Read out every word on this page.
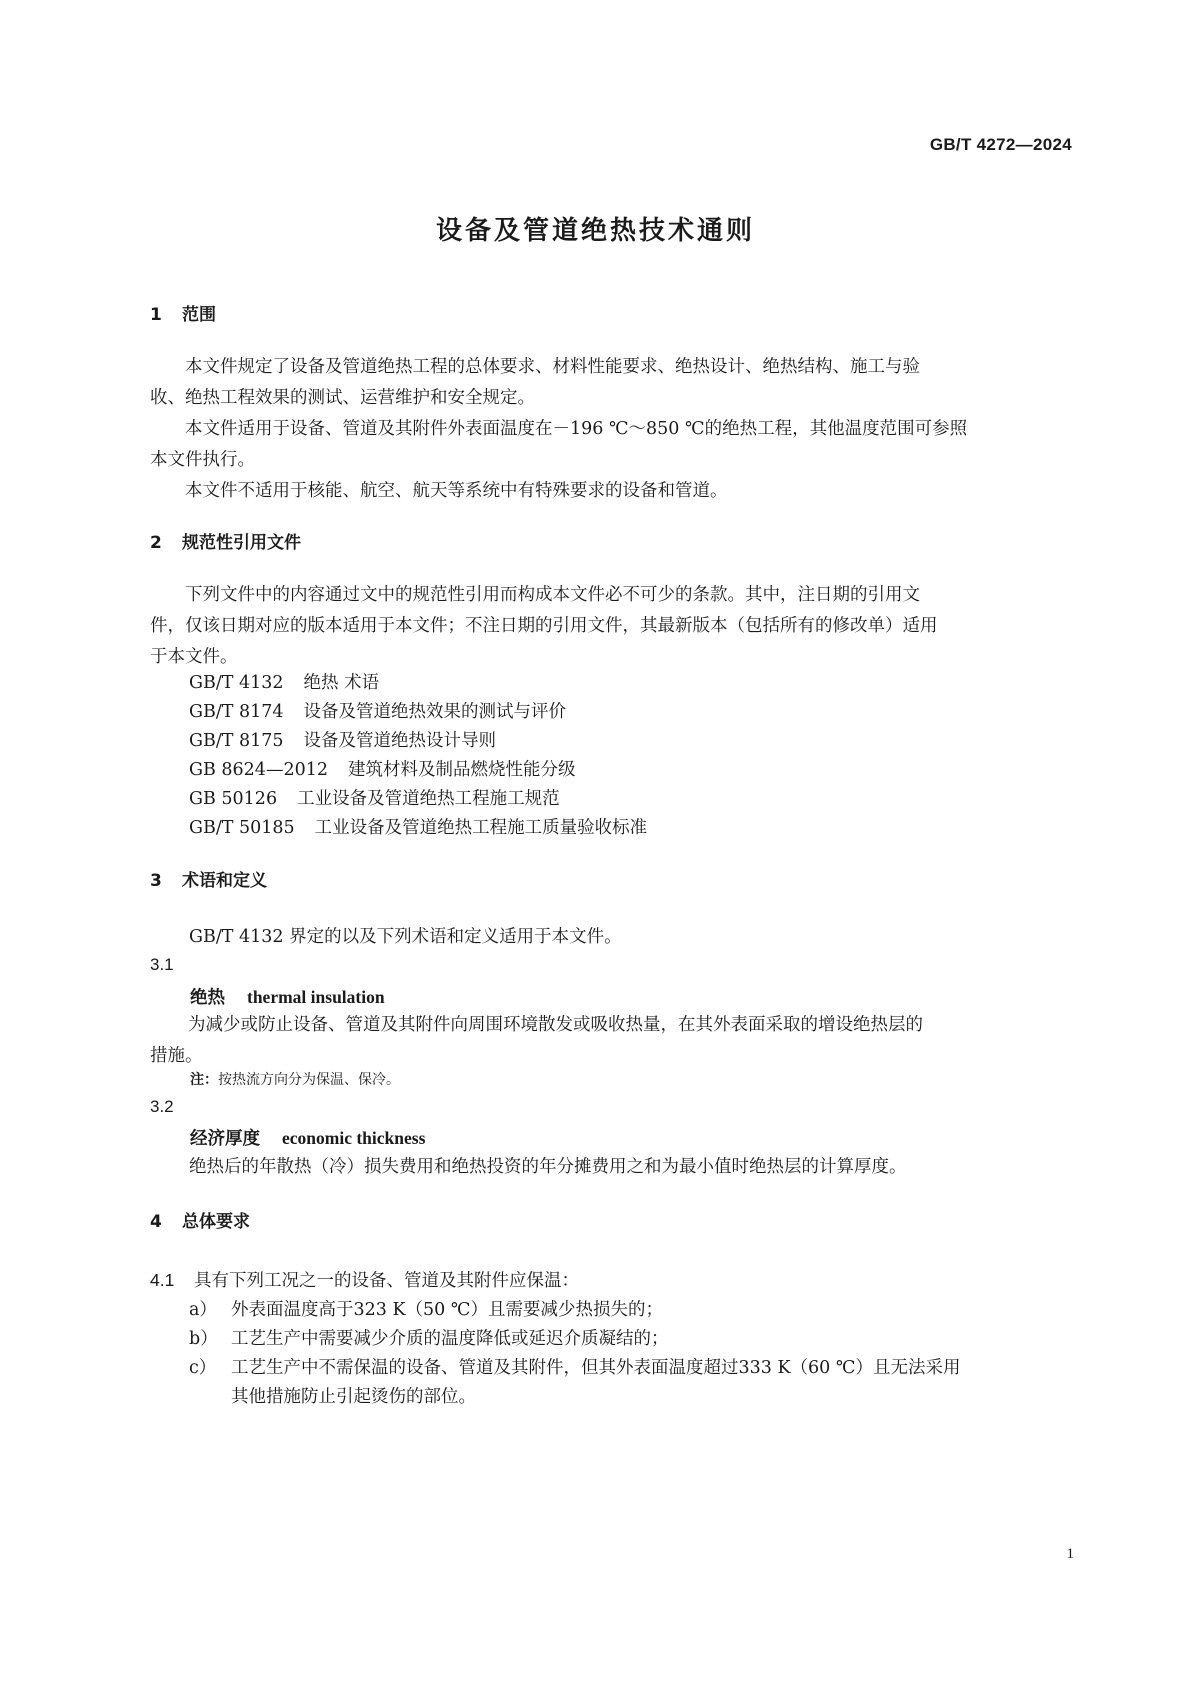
GB/T 4272—2024
设备及管道绝热技术通则
1 范围
　　本文件规定了设备及管道绝热工程的总体要求、材料性能要求、绝热设计、绝热结构、施工与验
收、绝热工程效果的测试、运营维护和安全规定。
　　本文件适用于设备、管道及其附件外表面温度在－196 ℃～850 ℃的绝热工程，其他温度范围可参照
本文件执行。
　　本文件不适用于核能、航空、航天等系统中有特殊要求的设备和管道。
2 规范性引用文件
　　下列文件中的内容通过文中的规范性引用而构成本文件必不可少的条款。其中，注日期的引用文
件，仅该日期对应的版本适用于本文件；不注日期的引用文件，其最新版本（包括所有的修改单）适用
于本文件。
GB/T 4132 绝热 术语
GB/T 8174 设备及管道绝热效果的测试与评价
GB/T 8175 设备及管道绝热设计导则
GB 8624—2012 建筑材料及制品燃烧性能分级
GB 50126 工业设备及管道绝热工程施工规范
GB/T 50185 工业设备及管道绝热工程施工质量验收标准
3 术语和定义
GB/T 4132 界定的以及下列术语和定义适用于本文件。
3.1
绝热 thermal insulation
为减少或防止设备、管道及其附件向周围环境散发或吸收热量，在其外表面采取的增设绝热层的
措施。
注：按热流方向分为保温、保冷。
3.2
经济厚度 economic thickness
绝热后的年散热（冷）损失费用和绝热投资的年分摊费用之和为最小值时绝热层的计算厚度。
4 总体要求
4.1 具有下列工况之一的设备、管道及其附件应保温：
a） 外表面温度高于323 K（50 ℃）且需要减少热损失的；
b） 工艺生产中需要减少介质的温度降低或延迟介质凝结的；
c） 工艺生产中不需保温的设备、管道及其附件，但其外表面温度超过333 K（60 ℃）且无法采用
其他措施防止引起烫伤的部位。
1
